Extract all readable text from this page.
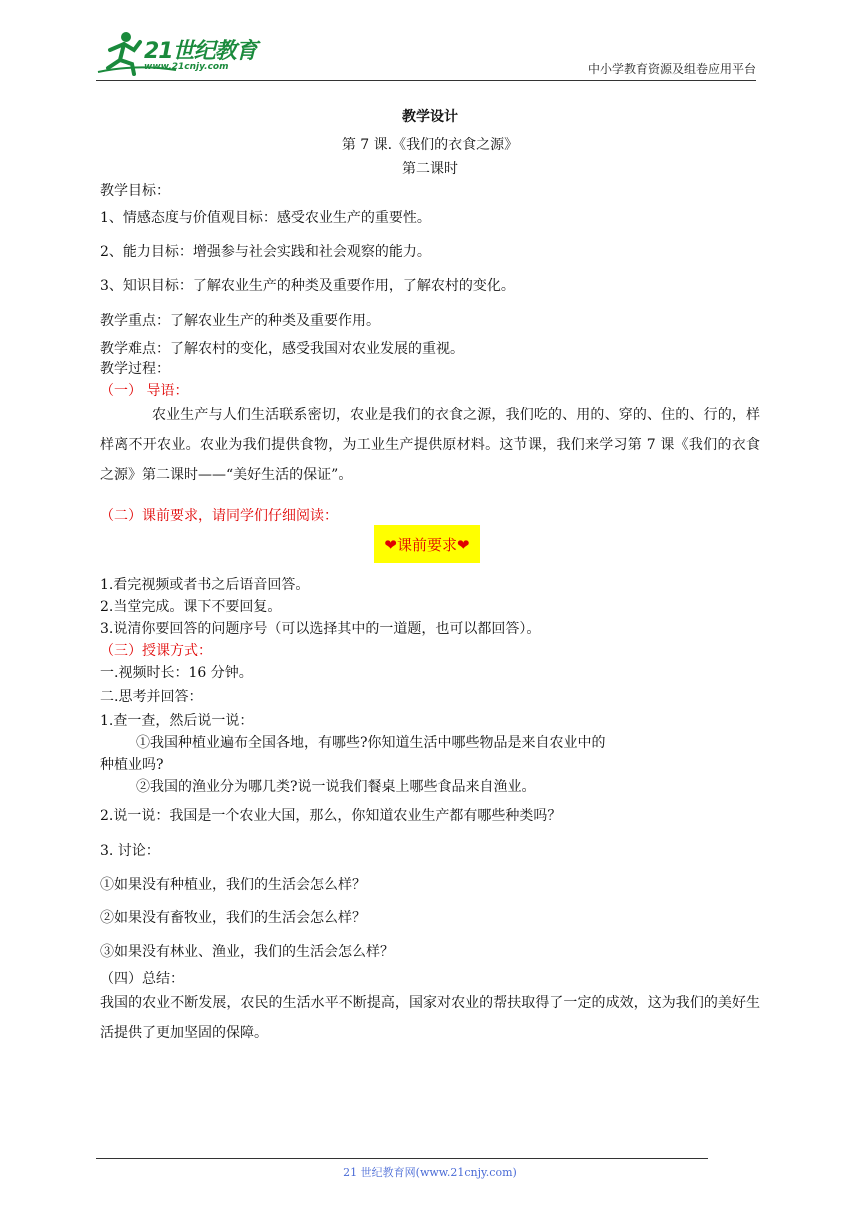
21世纪教育
www.21cnjy.com	中小学教育资源及组卷应用平台
教学设计
第 7 课.《我们的衣食之源》
第二课时
教学目标：
1、情感态度与价值观目标：感受农业生产的重要性。
2、能力目标：增强参与社会实践和社会观察的能力。
3、知识目标：了解农业生产的种类及重要作用，了解农村的变化。
教学重点：了解农业生产的种类及重要作用。
教学难点：了解农村的变化，感受我国对农业发展的重视。
教学过程：
（一） 导语：
农业生产与人们生活联系密切，农业是我们的衣食之源，我们吃的、用的、穿的、住的、行的，样样离不开农业。农业为我们提供食物，为工业生产提供原材料。这节课，我们来学习第 7 课《我们的衣食之源》第二课时——“美好生活的保证”。
（二）课前要求，请同学们仔细阅读：
❤课前要求❤
1.看完视频或者书之后语音回答。
2.当堂完成。课下不要回复。
3.说清你要回答的问题序号（可以选择其中的一道题，也可以都回答）。
（三）授课方式：
一.视频时长：16 分钟。
二.思考并回答：
1.查一查，然后说一说：
①我国种植业遍布全国各地，有哪些?你知道生活中哪些物品是来自农业中的
种植业吗?
②我国的渔业分为哪几类?说一说我们餐桌上哪些食品来自渔业。
2.说一说：我国是一个农业大国，那么，你知道农业生产都有哪些种类吗？
3. 讨论：
①如果没有种植业，我们的生活会怎么样？
②如果没有畜牧业，我们的生活会怎么样？
③如果没有林业、渔业，我们的生活会怎么样？
（四）总结：
我国的农业不断发展，农民的生活水平不断提高，国家对农业的帮扶取得了一定的成效，这为我们的美好生活提供了更加坚固的保障。
21 世纪教育网(www.21cnjy.com)
